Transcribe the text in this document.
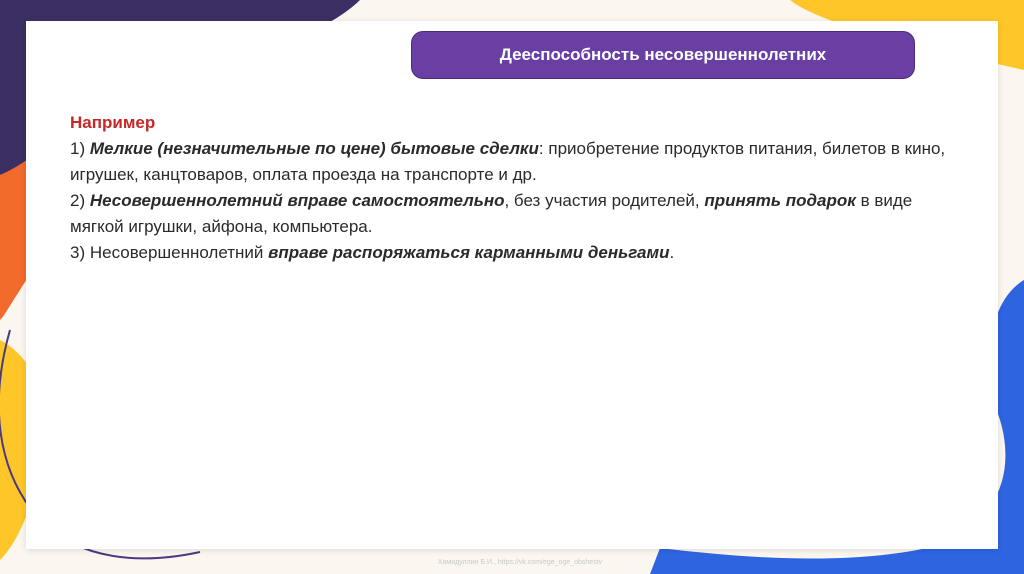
Дееспособность несовершеннолетних

Например

1) Мелкие (незначительные по цене) бытовые сделки: приобретение продуктов питания, билетов в кино, игрушек, канцтоваров, оплата проезда на транспорте и др.

2) Несовершеннолетний вправе самостоятельно, без участия родителей, принять подарок в виде мягкой игрушки, айфона, компьютера.

3) Несовершеннолетний вправе распоряжаться карманными деньгами.

Хамидуллин Б.И., https://vk.com/ege_oge_obshestv
